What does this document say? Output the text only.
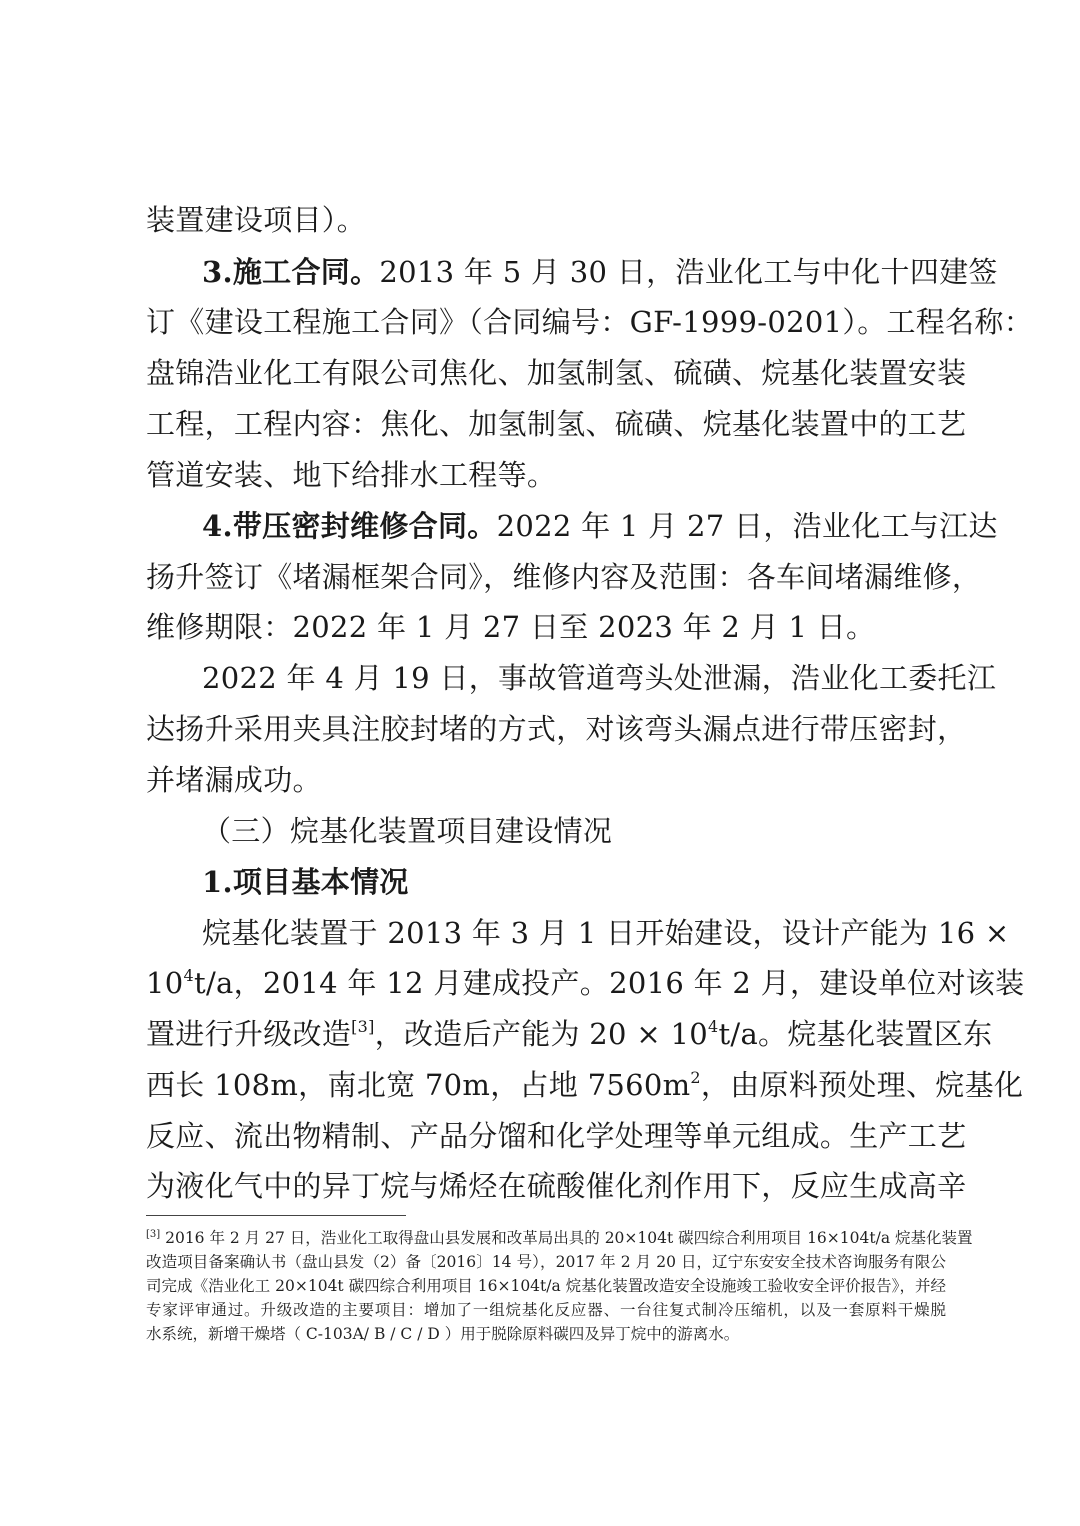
装置建设项目）。
3.施工合同。2013 年 5 月 30 日，浩业化工与中化十四建签
订《建设工程施工合同》（合同编号：GF-1999-0201）。工程名称：
盘锦浩业化工有限公司焦化、加氢制氢、硫磺、烷基化装置安装
工程，工程内容：焦化、加氢制氢、硫磺、烷基化装置中的工艺
管道安装、地下给排水工程等。
4.带压密封维修合同。2022 年 1 月 27 日，浩业化工与江达
扬升签订《堵漏框架合同》，维修内容及范围：各车间堵漏维修，
维修期限：2022 年 1 月 27 日至 2023 年 2 月 1 日。
2022 年 4 月 19 日，事故管道弯头处泄漏，浩业化工委托江
达扬升采用夹具注胶封堵的方式，对该弯头漏点进行带压密封，
并堵漏成功。
（三）烷基化装置项目建设情况
1.项目基本情况
烷基化装置于 2013 年 3 月 1 日开始建设，设计产能为 16 ×
$10^4t/a$，2014 年 12 月建成投产。2016 年 2 月，建设单位对该装
置进行升级改造[3]，改造后产能为 $20 \times 10^4t/a$。烷基化装置区东
西长 108m，南北宽 70m，占地 $7560m^2$，由原料预处理、烷基化
反应、流出物精制、产品分馏和化学处理等单元组成。生产工艺
为液化气中的异丁烷与烯烃在硫酸催化剂作用下，反应生成高辛
[3] 2016 年 2 月 27 日，浩业化工取得盘山县发展和改革局出具的 20×104t 碳四综合利用项目 16×104t/a 烷基化装置
改造项目备案确认书（盘山县发（2）备〔2016〕14 号），2017 年 2 月 20 日，辽宁东安安全技术咨询服务有限公
司完成《浩业化工 20×104t 碳四综合利用项目 16×104t/a 烷基化装置改造安全设施竣工验收安全评价报告》，并经
专家评审通过。升级改造的主要项目：增加了一组烷基化反应器、一台往复式制冷压缩机，以及一套原料干燥脱
水系统，新增干燥塔（ C-103A/ B / C / D ）用于脱除原料碳四及异丁烷中的游离水。
